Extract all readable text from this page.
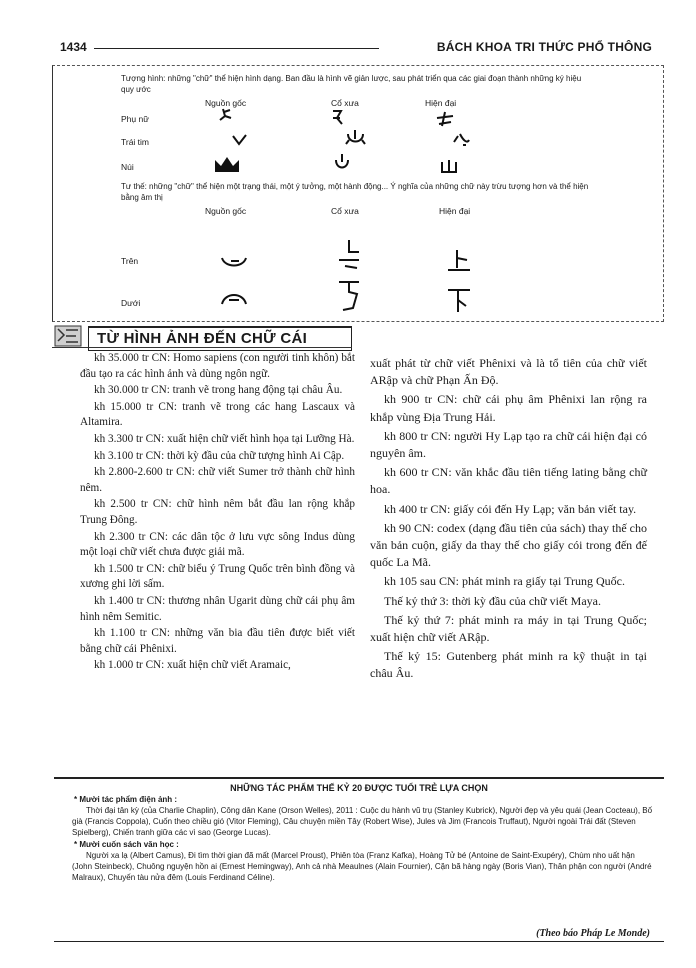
1434	BÁCH KHOA TRI THỨC PHỔ THÔNG
Tượng hình: những "chữ" thể hiện hình dạng. Ban đầu là hình vẽ giản lược, sau phát triển qua các giai đoạn thành những ký hiệu quy ước
Nguồn gốc	Cổ xưa	Hiện đại
Phụ nữ
Trái tim
Núi
Tư thế: những "chữ" thể hiện một trạng thái, một ý tưởng, một hành động... Ý nghĩa của những chữ này trừu tượng hơn và thể hiện bằng âm thị
Nguồn gốc	Cổ xưa	Hiện đại
Trên
Dưới
TỪ HÌNH ẢNH ĐẾN CHỮ CÁI

kh 35.000 tr CN: Homo sapiens (con người tinh khôn) bắt đầu tạo ra các hình ảnh và dùng ngôn ngữ.

kh 30.000 tr CN: tranh vẽ trong hang động tại châu Âu.

kh 15.000 tr CN: tranh vẽ trong các hang Lascaux và Altamira.

kh 3.300 tr CN: xuất hiện chữ viết hình họa tại Lưỡng Hà.

kh 3.100 tr CN: thời kỳ đầu của chữ tượng hình Ai Cập.

kh 2.800-2.600 tr CN: chữ viết Sumer trở thành chữ hình nêm.

kh 2.500 tr CN: chữ hình nêm bắt đầu lan rộng khắp Trung Đông.

kh 2.300 tr CN: các dân tộc ở lưu vực sông Indus dùng một loại chữ viết chưa được giải mã.

kh 1.500 tr CN: chữ biểu ý Trung Quốc trên bình đồng và xương ghi lời sấm.

kh 1.400 tr CN: thương nhân Ugarit dùng chữ cái phụ âm hình nêm Semitic.

kh 1.100 tr CN: những văn bia đầu tiên được biết viết bằng chữ cái Phênixi.

kh 1.000 tr CN: xuất hiện chữ viết Aramaic,

xuất phát từ chữ viết Phênixi và là tổ tiên của chữ viết ARập và chữ Phạn Ấn Độ.

kh 900 tr CN: chữ cái phụ âm Phênixi lan rộng ra khắp vùng Địa Trung Hải.

kh 800 tr CN: người Hy Lạp tạo ra chữ cái hiện đại có nguyên âm.

kh 600 tr CN: văn khắc đầu tiên tiếng lating bằng chữ hoa.

kh 400 tr CN: giấy cói đến Hy Lạp; văn bản viết tay.

kh 90 CN: codex (dạng đầu tiên của sách) thay thế cho văn bản cuộn, giấy da thay thế cho giấy cói trong đến đế quốc La Mã.

kh 105 sau CN: phát minh ra giấy tại Trung Quốc.

Thế kỷ thứ 3: thời kỳ đầu của chữ viết Maya.

Thế kỷ thứ 7: phát minh ra máy in tại Trung Quốc; xuất hiện chữ viết ARập.

Thế kỷ 15: Gutenberg phát minh ra kỹ thuật in tại châu Âu.

NHỮNG TÁC PHẨM THẾ KỶ 20 ĐƯỢC TUỔI TRẺ LỰA CHỌN
* Mười tác phẩm điện ảnh :
Thời đại tân kỳ (của Charlie Chaplin), Công dân Kane (Orson Welles), 2011 : Cuộc du hành vũ trụ (Stanley Kubrick), Người đẹp và yêu quái (Jean Cocteau), Bố già (Francis Coppola), Cuốn theo chiều gió (Vitor Fleming), Câu chuyện miền Tây (Robert Wise), Jules và Jim (Francois Truffaut), Người ngoài Trái đất (Steven Spielberg), Chiến tranh giữa các vì sao (George Lucas).
* Mười cuốn sách văn học :
Người xa lạ (Albert Camus), Đi tìm thời gian đã mất (Marcel Proust), Phiên tòa (Franz Kafka), Hoàng Tử bé (Antoine de Saint-Exupéry), Chùm nho uất hận (John Steinbeck), Chuông nguyện hồn ai (Ernest Hemingway), Anh cả nhà Meaulnes (Alain Fournier), Cặn bã hàng ngày (Boris Vian), Thân phận con người (André Malraux), Chuyến tàu nửa đêm (Louis Ferdinand Céline).
(Theo báo Pháp Le Monde)
